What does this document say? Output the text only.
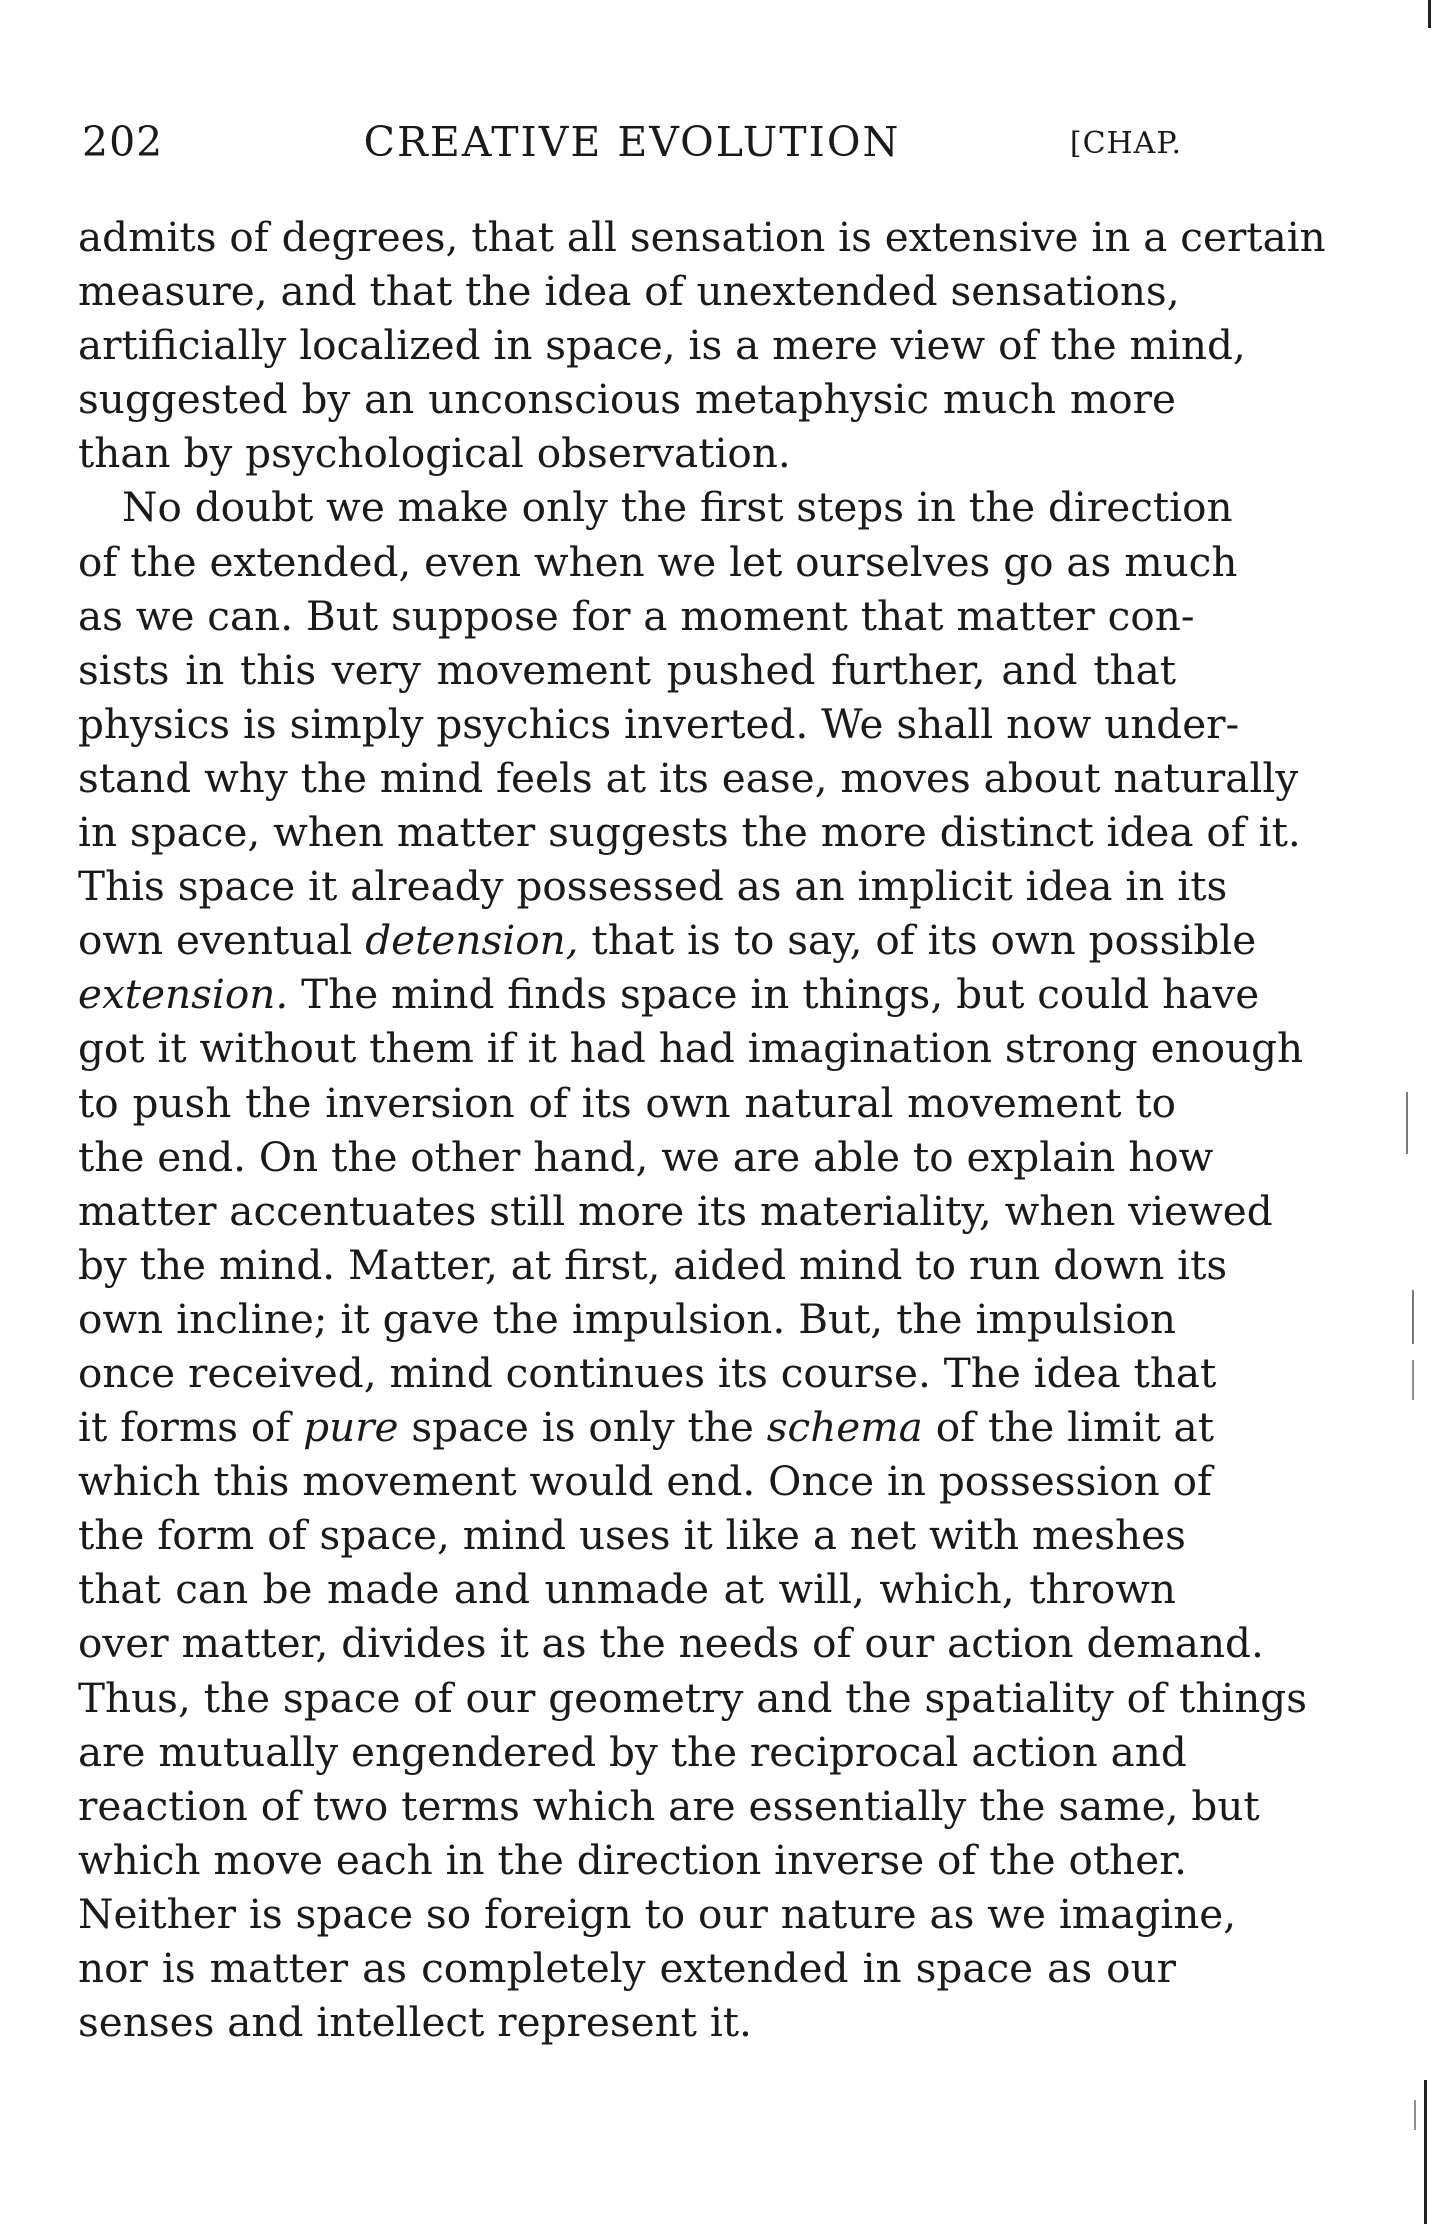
202	CREATIVE EVOLUTION	[CHAP.
admits of degrees, that all sensation is extensive in a certain
measure, and that the idea of unextended sensations,
artificially localized in space, is a mere view of the mind,
suggested by an unconscious metaphysic much more
than by psychological observation.
No doubt we make only the first steps in the direction
of the extended, even when we let ourselves go as much
as we can. But suppose for a moment that matter con-
sists in this very movement pushed further, and that
physics is simply psychics inverted. We shall now under-
stand why the mind feels at its ease, moves about naturally
in space, when matter suggests the more distinct idea of it.
This space it already possessed as an implicit idea in its
own eventual detension, that is to say, of its own possible
extension. The mind finds space in things, but could have
got it without them if it had had imagination strong enough
to push the inversion of its own natural movement to
the end. On the other hand, we are able to explain how
matter accentuates still more its materiality, when viewed
by the mind. Matter, at first, aided mind to run down its
own incline; it gave the impulsion. But, the impulsion
once received, mind continues its course. The idea that
it forms of pure space is only the schema of the limit at
which this movement would end. Once in possession of
the form of space, mind uses it like a net with meshes
that can be made and unmade at will, which, thrown
over matter, divides it as the needs of our action demand.
Thus, the space of our geometry and the spatiality of things
are mutually engendered by the reciprocal action and
reaction of two terms which are essentially the same, but
which move each in the direction inverse of the other.
Neither is space so foreign to our nature as we imagine,
nor is matter as completely extended in space as our
senses and intellect represent it.
